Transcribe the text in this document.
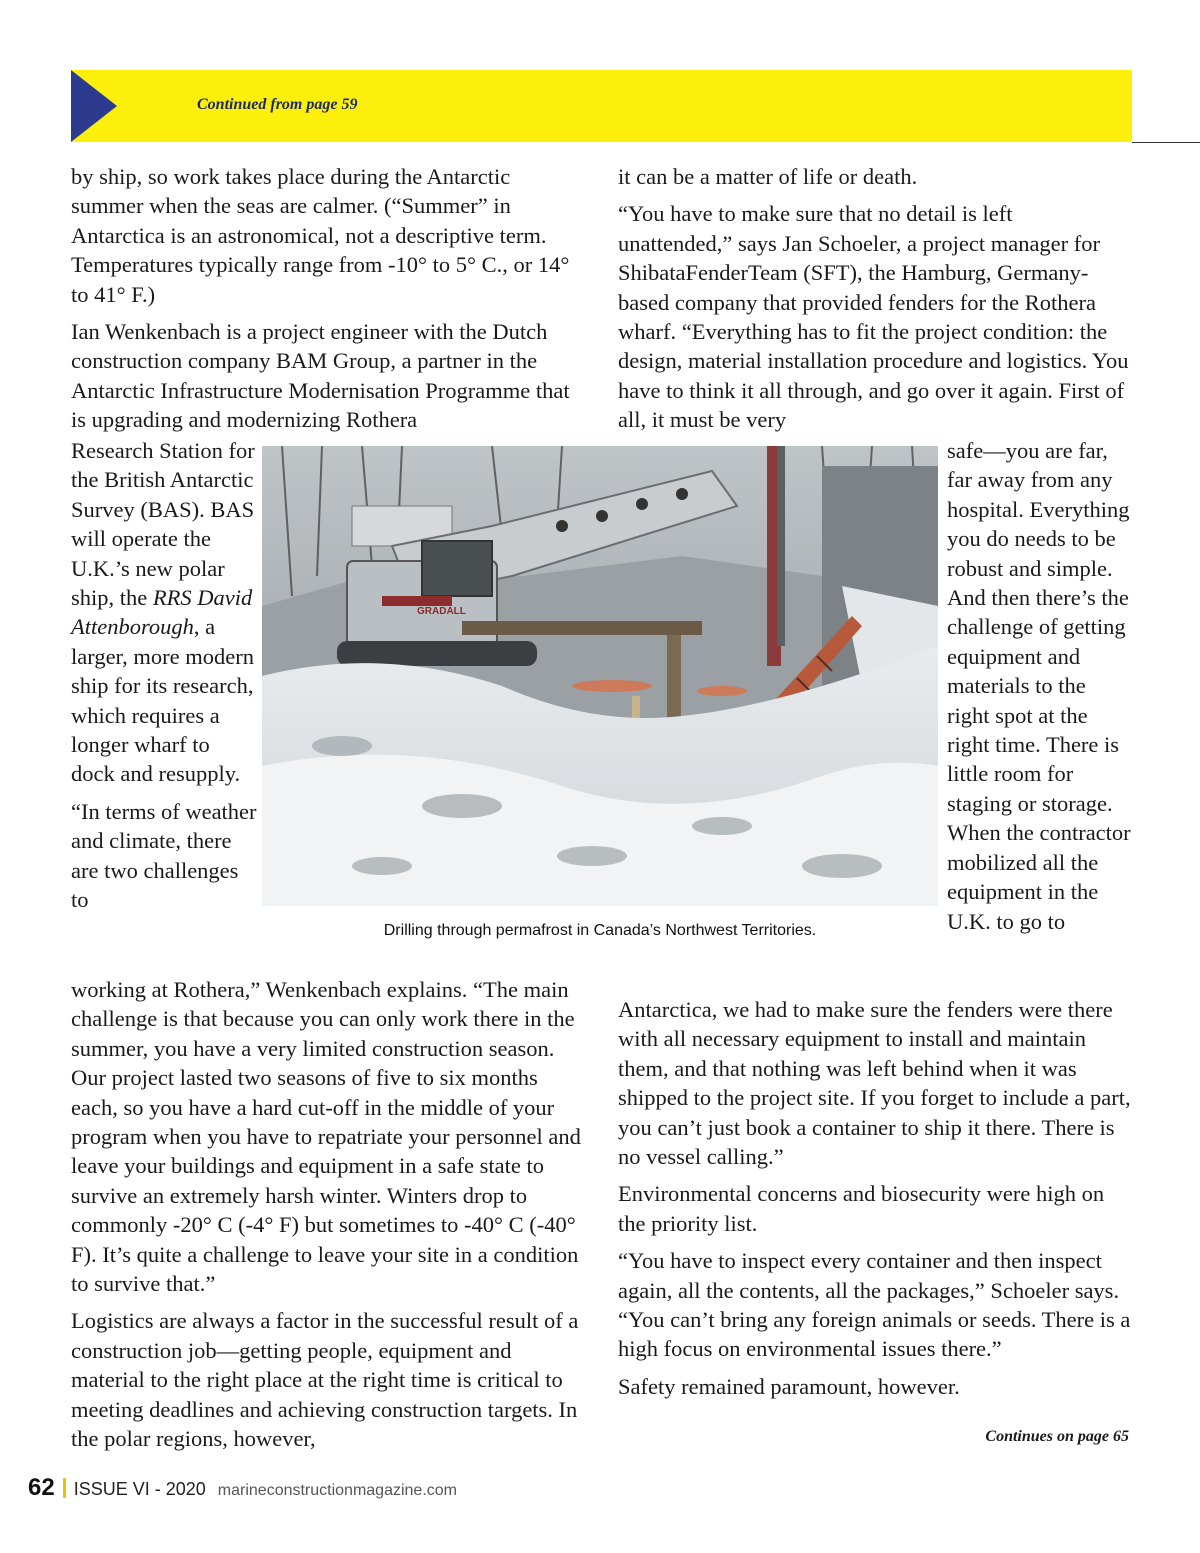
Continued from page 59

by ship, so work takes place during the Antarctic summer when the seas are calmer. (“Summer” in Antarctica is an astronomical, not a descriptive term. Temperatures typically range from -10° to 5° C., or 14° to 41° F.)

Ian Wenkenbach is a project engineer with the Dutch construction company BAM Group, a partner in the Antarctic Infrastructure Modernisation Programme that is upgrading and modernizing Rothera

Research Station for the British Antarctic Survey (BAS). BAS will operate the U.K.’s new polar ship, the RRS David Attenborough, a larger, more modern ship for its research, which requires a longer wharf to dock and resupply.

“In terms of weather and climate, there are two challenges to

working at Rothera,” Wenkenbach explains. “The main challenge is that because you can only work there in the summer, you have a very limited construction season. Our project lasted two seasons of five to six months each, so you have a hard cut-off in the middle of your program when you have to repatriate your personnel and leave your buildings and equipment in a safe state to survive an extremely harsh winter. Winters drop to commonly -20° C (-4° F) but sometimes to -40° C (-40° F). It’s quite a challenge to leave your site in a condition to survive that.”

Logistics are always a factor in the successful result of a construction job—getting people, equipment and material to the right place at the right time is critical to meeting deadlines and achieving construction targets. In the polar regions, however,

it can be a matter of life or death.

“You have to make sure that no detail is left unattended,” says Jan Schoeler, a project manager for ShibataFenderTeam (SFT), the Hamburg, Germany-based company that provided fenders for the Rothera wharf. “Everything has to fit the project condition: the design, material installation procedure and logistics. You have to think it all through, and go over it again. First of all, it must be very

safe—you are far, far away from any hospital. Everything you do needs to be robust and simple. And then there’s the challenge of getting equipment and materials to the right spot at the right time. There is little room for staging or storage. When the contractor mobilized all the equipment in the U.K. to go to

Antarctica, we had to make sure the fenders were there with all necessary equipment to install and maintain them, and that nothing was left behind when it was shipped to the project site. If you forget to include a part, you can’t just book a container to ship it there. There is no vessel calling.”

Environmental concerns and biosecurity were high on the priority list.

“You have to inspect every container and then inspect again, all the contents, all the packages,” Schoeler says. “You can’t bring any foreign animals or seeds. There is a high focus on environmental issues there.”

Safety remained paramount, however.

GRADALL
Drilling through permafrost in Canada’s Northwest Territories.
Continues on page 65
62 ISSUE VI - 2020 marineconstructionmagazine.com
